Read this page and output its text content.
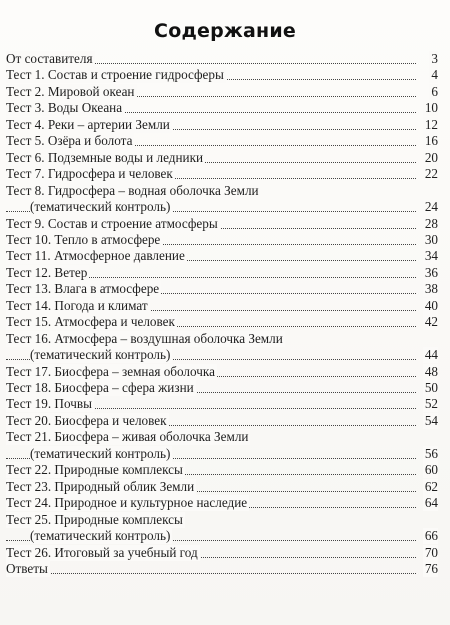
Содержание
От составителя	3
Тест 1. Состав и строение гидросферы	4
Тест 2. Мировой океан	6
Тест 3. Воды Океана	10
Тест 4. Реки – артерии Земли	12
Тест 5. Озёра и болота	16
Тест 6. Подземные воды и ледники	20
Тест 7. Гидросфера и человек	22
Тест 8. Гидросфера – водная оболочка Земли
(тематический контроль)	24
Тест 9. Состав и строение атмосферы	28
Тест 10. Тепло в атмосфере	30
Тест 11. Атмосферное давление	34
Тест 12. Ветер	36
Тест 13. Влага в атмосфере	38
Тест 14. Погода и климат	40
Тест 15. Атмосфера и человек	42
Тест 16. Атмосфера – воздушная оболочка Земли
(тематический контроль)	44
Тест 17. Биосфера – земная оболочка	48
Тест 18. Биосфера – сфера жизни	50
Тест 19. Почвы	52
Тест 20. Биосфера и человек	54
Тест 21. Биосфера – живая оболочка Земли
(тематический контроль)	56
Тест 22. Природные комплексы	60
Тест 23. Природный облик Земли	62
Тест 24. Природное и культурное наследие	64
Тест 25. Природные комплексы
(тематический контроль)	66
Тест 26. Итоговый за учебный год	70
Ответы	76
